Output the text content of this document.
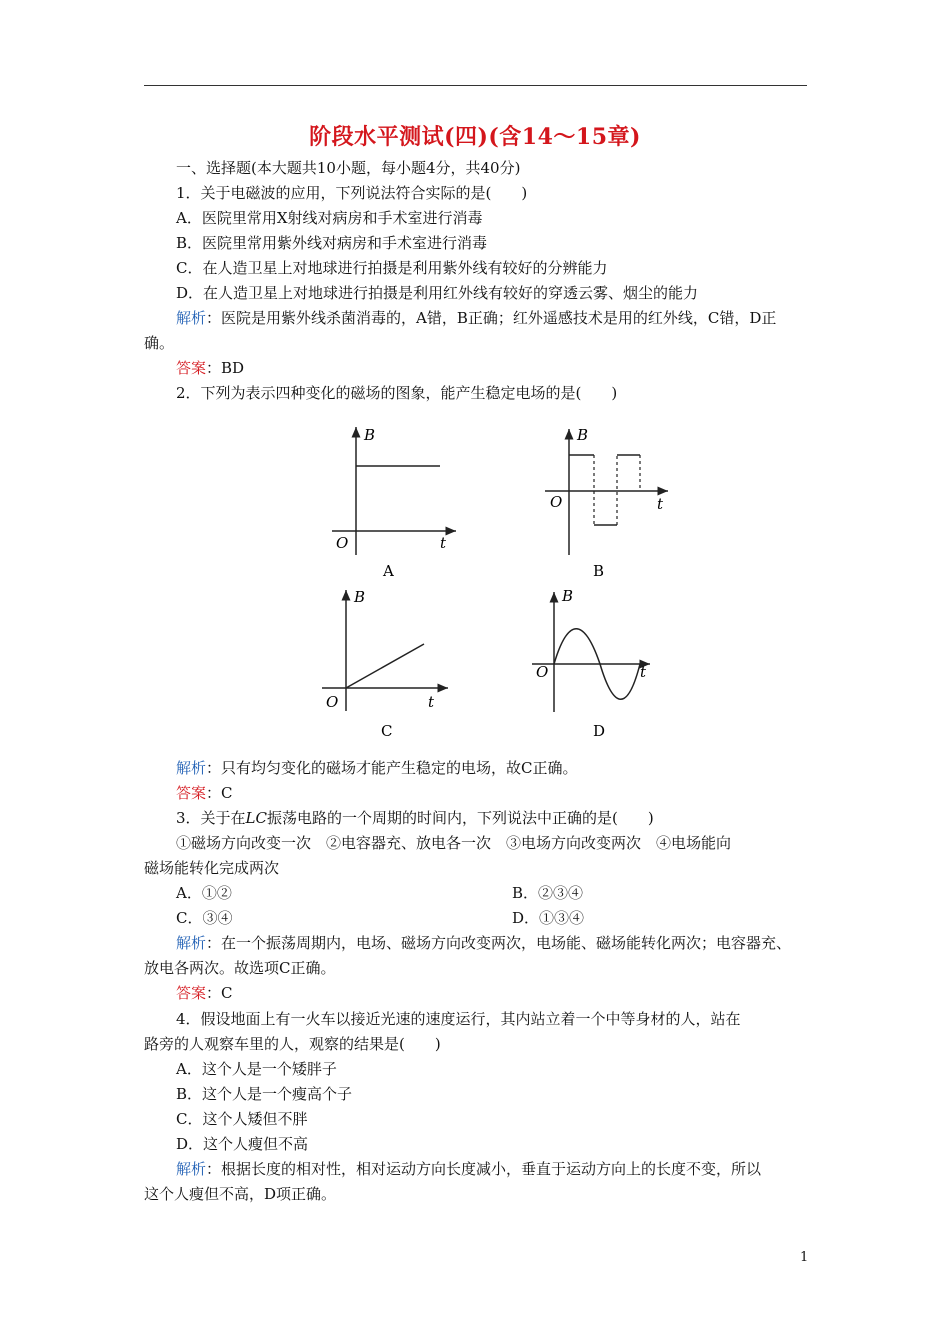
阶段水平测试(四)(含14～15章)
一、选择题(本大题共10小题，每小题4分，共40分)
1．关于电磁波的应用，下列说法符合实际的是(　　)
A．医院里常用X射线对病房和手术室进行消毒
B．医院里常用紫外线对病房和手术室进行消毒
C．在人造卫星上对地球进行拍摄是利用紫外线有较好的分辨能力
D．在人造卫星上对地球进行拍摄是利用红外线有较好的穿透云雾、烟尘的能力
解析：医院是用紫外线杀菌消毒的，A错，B正确；红外遥感技术是用的红外线，C错，D正
确。
答案：BD
2．下列为表示四种变化的磁场的图象，能产生稳定电场的是(　　)
B
t
O
A
B
t
O
B
B
t
O
C
B
t
O
D
解析：只有均匀变化的磁场才能产生稳定的电场，故C正确。
答案：C
3．关于在LC振荡电路的一个周期的时间内，下列说法中正确的是(　　)
①磁场方向改变一次　②电容器充、放电各一次　③电场方向改变两次　④电场能向
磁场能转化完成两次
A．①②	B．②③④
C．③④	D．①③④
解析：在一个振荡周期内，电场、磁场方向改变两次，电场能、磁场能转化两次；电容器充、
放电各两次。故选项C正确。
答案：C
4．假设地面上有一火车以接近光速的速度运行，其内站立着一个中等身材的人，站在
路旁的人观察车里的人，观察的结果是(　　)
A．这个人是一个矮胖子
B．这个人是一个瘦高个子
C．这个人矮但不胖
D．这个人瘦但不高
解析：根据长度的相对性，相对运动方向长度减小，垂直于运动方向上的长度不变，所以
这个人瘦但不高，D项正确。
1
